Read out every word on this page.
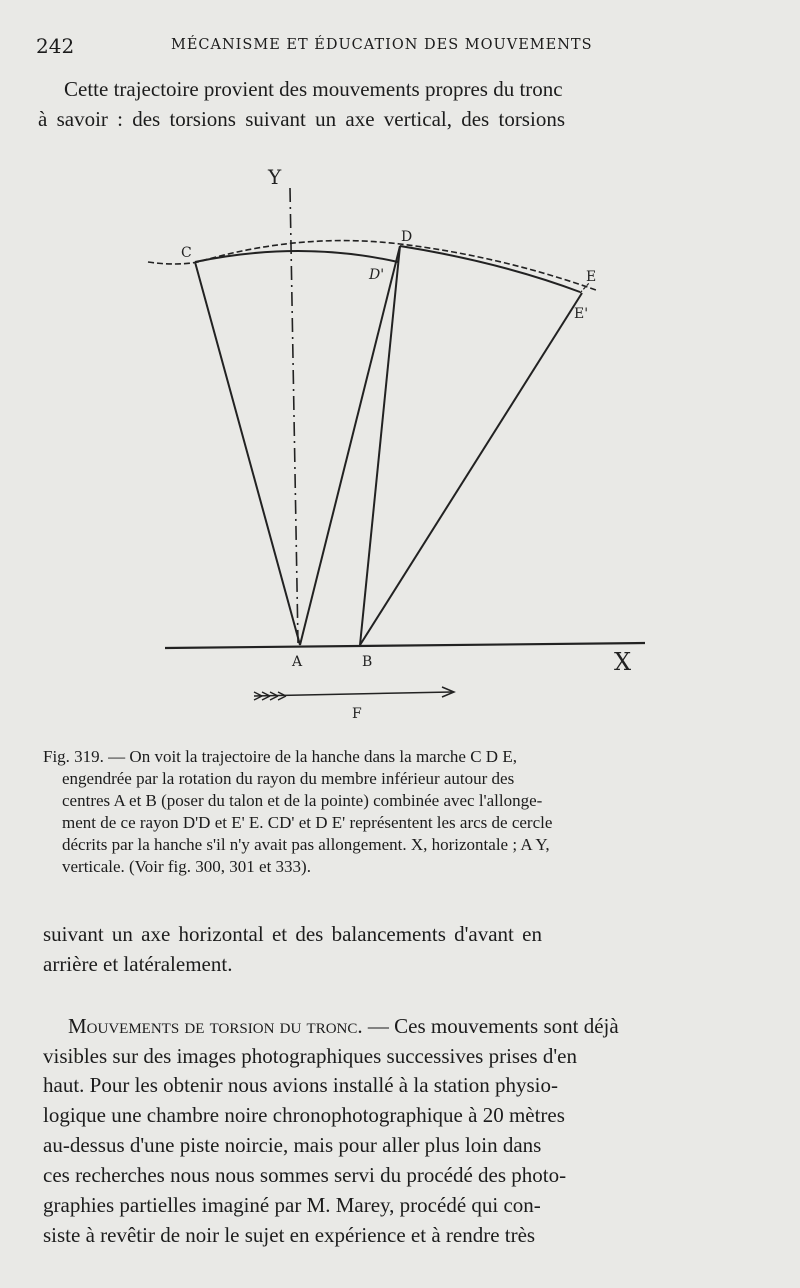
242	MÉCANISME ET ÉDUCATION DES MOUVEMENTS
Cette trajectoire provient des mouvements propres du tronc
à savoir : des torsions suivant un axe vertical, des torsions
Y
C
D
D'	E
E'
A	B	X
F
Fig. 319. — On voit la trajectoire de la hanche dans la marche C D E,
engendrée par la rotation du rayon du membre inférieur autour des
centres A et B (poser du talon et de la pointe) combinée avec l'allonge-
ment de ce rayon D'D et E' E. CD' et D E' représentent les arcs de cercle
décrits par la hanche s'il n'y avait pas allongement. X, horizontale ; A Y,
verticale. (Voir fig. 300, 301 et 333).
suivant un axe horizontal et des balancements d'avant en
arrière et latéralement.
Mouvements de torsion du tronc. — Ces mouvements sont déjà
visibles sur des images photographiques successives prises d'en
haut. Pour les obtenir nous avions installé à la station physio-
logique une chambre noire chronophotographique à 20 mètres
au-dessus d'une piste noircie, mais pour aller plus loin dans
ces recherches nous nous sommes servi du procédé des photo-
graphies partielles imaginé par M. Marey, procédé qui con-
siste à revêtir de noir le sujet en expérience et à rendre très
